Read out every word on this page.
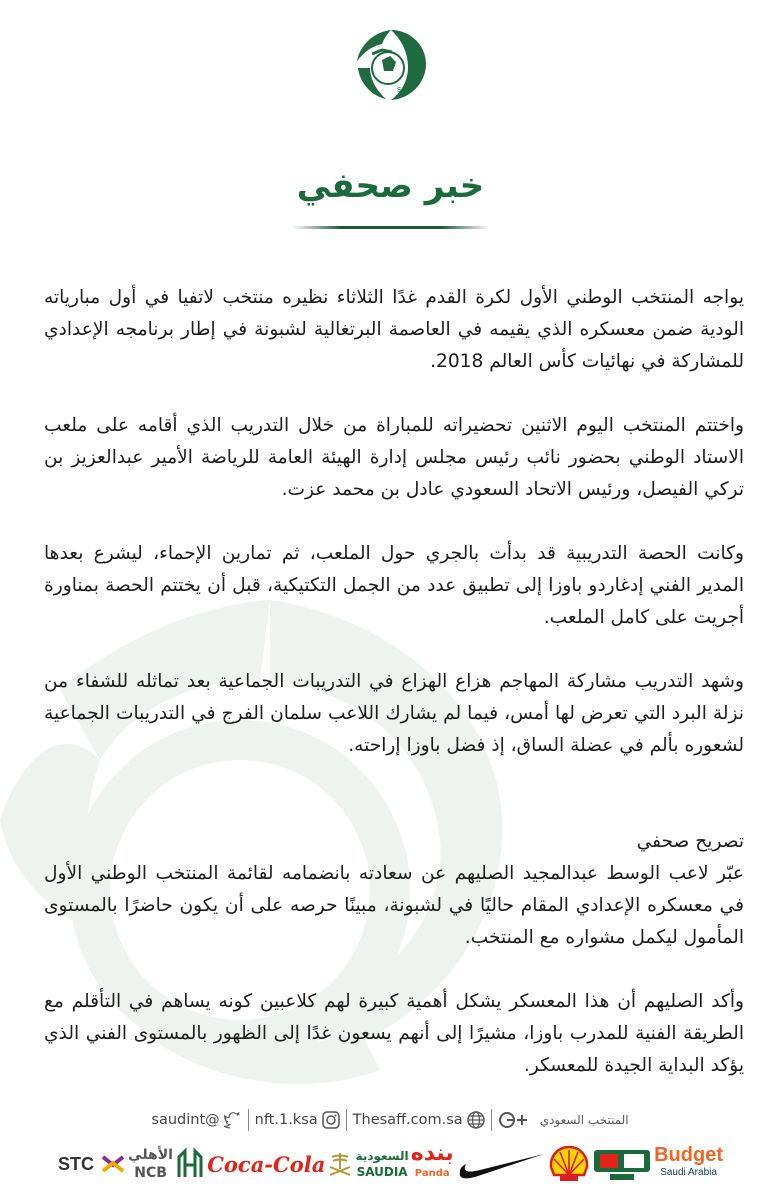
SAFF
خبر صحفي

يواجه المنتخب الوطني الأول لكرة القدم غدًا الثلاثاء نظيره منتخب لاتفيا في أول مبارياته الودية ضمن معسكره الذي يقيمه في العاصمة البرتغالية لشبونة في إطار برنامجه الإعدادي للمشاركة في نهائيات كأس العالم 2018.

واختتم المنتخب اليوم الاثنين تحضيراته للمباراة من خلال التدريب الذي أقامه على ملعب الاستاد الوطني بحضور نائب رئيس مجلس إدارة الهيئة العامة للرياضة الأمير عبدالعزيز بن تركي الفيصل، ورئيس الاتحاد السعودي عادل بن محمد عزت.

وكانت الحصة التدريبية قد بدأت بالجري حول الملعب، ثم تمارين الإحماء، ليشرع بعدها المدير الفني إدغاردو باوزا إلى تطبيق عدد من الجمل التكتيكية، قبل أن يختتم الحصة بمناورة أجريت على كامل الملعب.

وشهد التدريب مشاركة المهاجم هزاع الهزاع في التدريبات الجماعية بعد تماثله للشفاء من نزلة البرد التي تعرض لها أمس، فيما لم يشارك اللاعب سلمان الفرج في التدريبات الجماعية لشعوره بألم في عضلة الساق، إذ فضل باوزا إراحته.

تصريح صحفي

عبّر لاعب الوسط عبدالمجيد الصليهم عن سعادته بانضمامه لقائمة المنتخب الوطني الأول في معسكره الإعدادي المقام حاليًا في لشبونة، مبينًا حرصه على أن يكون حاضرًا بالمستوى المأمول ليكمل مشواره مع المنتخب.

وأكد الصليهم أن هذا المعسكر يشكل أهمية كبيرة لهم كلاعبين كونه يساهم في التأقلم مع الطريقة الفنية للمدرب باوزا، مشيرًا إلى أنهم يسعون غدًا إلى الظهور بالمستوى الفني الذي يؤكد البداية الجيدة للمعسكر.

المنتخب السعودي
Thesaff.com.sa
nft.1.ksa
@saudint
Budget
Saudi Arabia
بنده
Panda
السعودية
SAUDIA
Coca-Cola
الأهلي
NCB
STC
